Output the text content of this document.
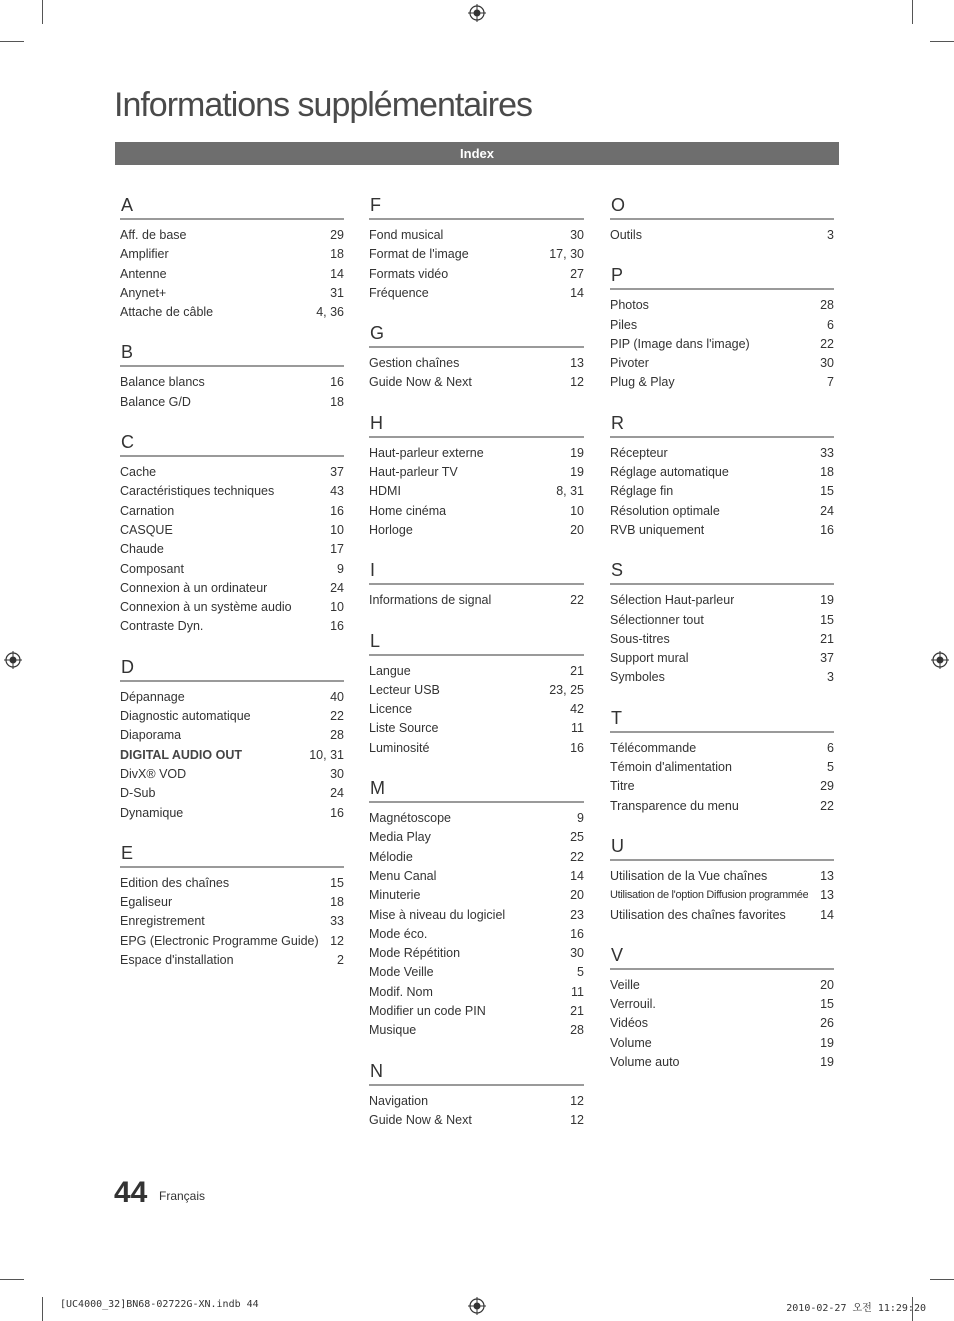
Informations supplémentaires
Index
A
Aff. de base	29
Amplifier	18
Antenne	14
Anynet+	31
Attache de câble	4, 36
B
Balance blancs	16
Balance G/D	18
C
Cache	37
Caractéristiques techniques	43
Carnation	16
CASQUE	10
Chaude	17
Composant	9
Connexion à un ordinateur	24
Connexion à un système audio	10
Contraste Dyn.	16
D
Dépannage	40
Diagnostic automatique	22
Diaporama	28
DIGITAL AUDIO OUT	10, 31
DivX® VOD	30
D-Sub	24
Dynamique	16
E
Edition des chaînes	15
Egaliseur	18
Enregistrement	33
EPG (Electronic Programme Guide) 12
Espace d'installation	2
F
Fond musical	30
Format de l'image	17, 30
Formats vidéo	27
Fréquence	14
G
Gestion chaînes	13
Guide Now & Next	12
H
Haut-parleur externe	19
Haut-parleur TV	19
HDMI	8, 31
Home cinéma	10
Horloge	20
I
Informations de signal	22
L
Langue	21
Lecteur USB	23, 25
Licence	42
Liste Source	11
Luminosité	16
M
Magnétoscope	9
Media Play	25
Mélodie	22
Menu Canal	14
Minuterie	20
Mise à niveau du logiciel	23
Mode éco.	16
Mode Répétition	30
Mode Veille	5
Modif. Nom	11
Modifier un code PIN	21
Musique	28
N
Navigation	12
Guide Now & Next	12
O
Outils	3
P
Photos	28
Piles	6
PIP (Image dans l'image)	22
Pivoter	30
Plug & Play	7
R
Récepteur	33
Réglage automatique	18
Réglage fin	15
Résolution optimale	24
RVB uniquement	16
S
Sélection Haut-parleur	19
Sélectionner tout	15
Sous-titres	21
Support mural	37
Symboles	3
T
Télécommande	6
Témoin d'alimentation	5
Titre	29
Transparence du menu	22
U
Utilisation de la Vue chaînes	13
Utilisation de l'option Diffusion programmée 13
Utilisation des chaînes favorites	14
V
Veille	20
Verrouil.	15
Vidéos	26
Volume	19
Volume auto	19
44 Français
[UC4000_32]BN68-02722G-XN.indb 44	2010-02-27 오전 11:29:20
